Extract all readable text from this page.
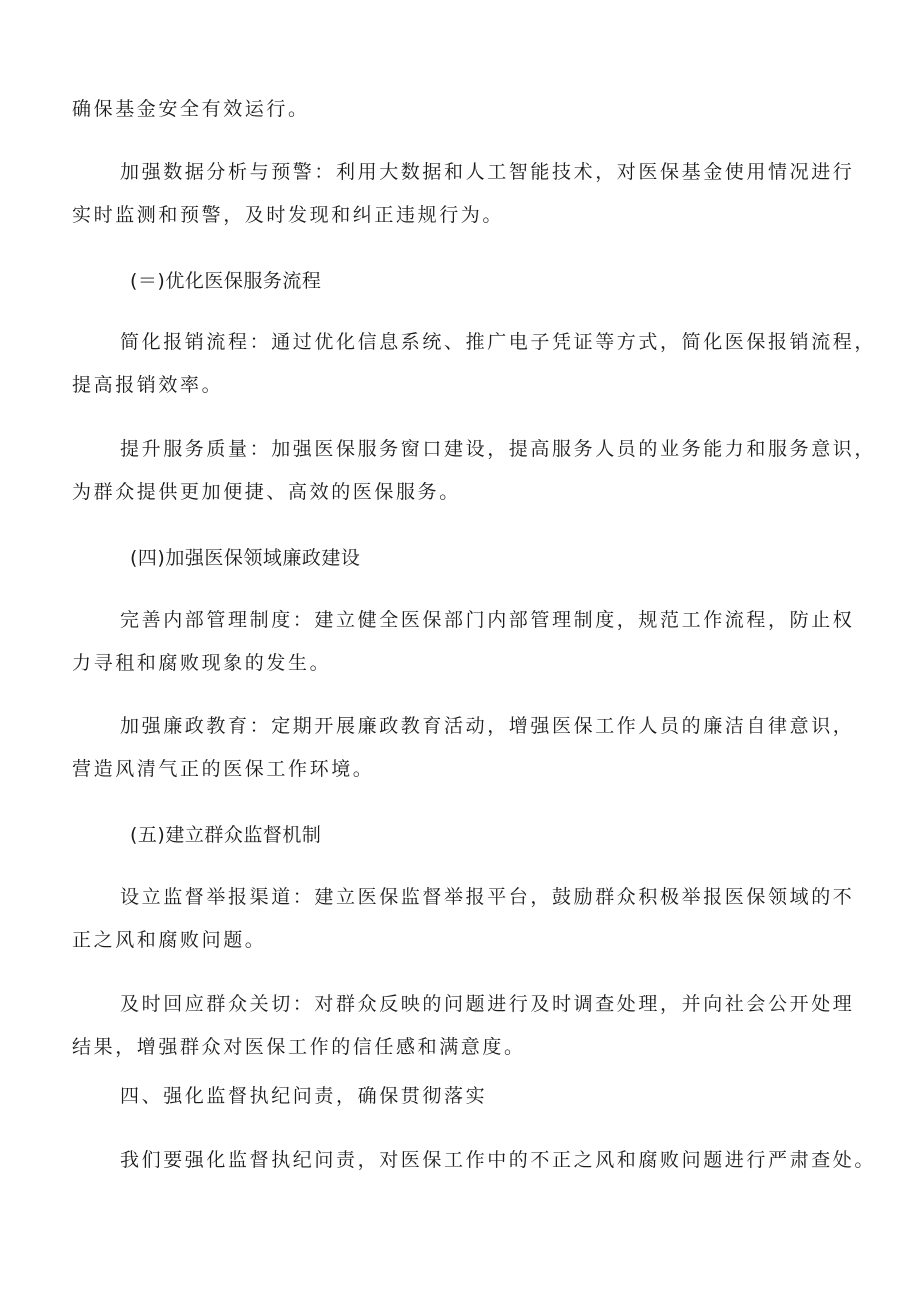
确保基金安全有效运行。
加强数据分析与预警：利用大数据和人工智能技术，对医保基金使用情况进行
实时监测和预警，及时发现和纠正违规行为。
(＝)优化医保服务流程
简化报销流程：通过优化信息系统、推广电子凭证等方式，简化医保报销流程，
提高报销效率。
提升服务质量：加强医保服务窗口建设，提高服务人员的业务能力和服务意识，
为群众提供更加便捷、高效的医保服务。
(四)加强医保领域廉政建设
完善内部管理制度：建立健全医保部门内部管理制度，规范工作流程，防止权
力寻租和腐败现象的发生。
加强廉政教育：定期开展廉政教育活动，增强医保工作人员的廉洁自律意识，
营造风清气正的医保工作环境。
(五)建立群众监督机制
设立监督举报渠道：建立医保监督举报平台，鼓励群众积极举报医保领域的不
正之风和腐败问题。
及时回应群众关切：对群众反映的问题进行及时调查处理，并向社会公开处理
结果，增强群众对医保工作的信任感和满意度。
四、强化监督执纪问责，确保贯彻落实
我们要强化监督执纪问责，对医保工作中的不正之风和腐败问题进行严肃查处。
